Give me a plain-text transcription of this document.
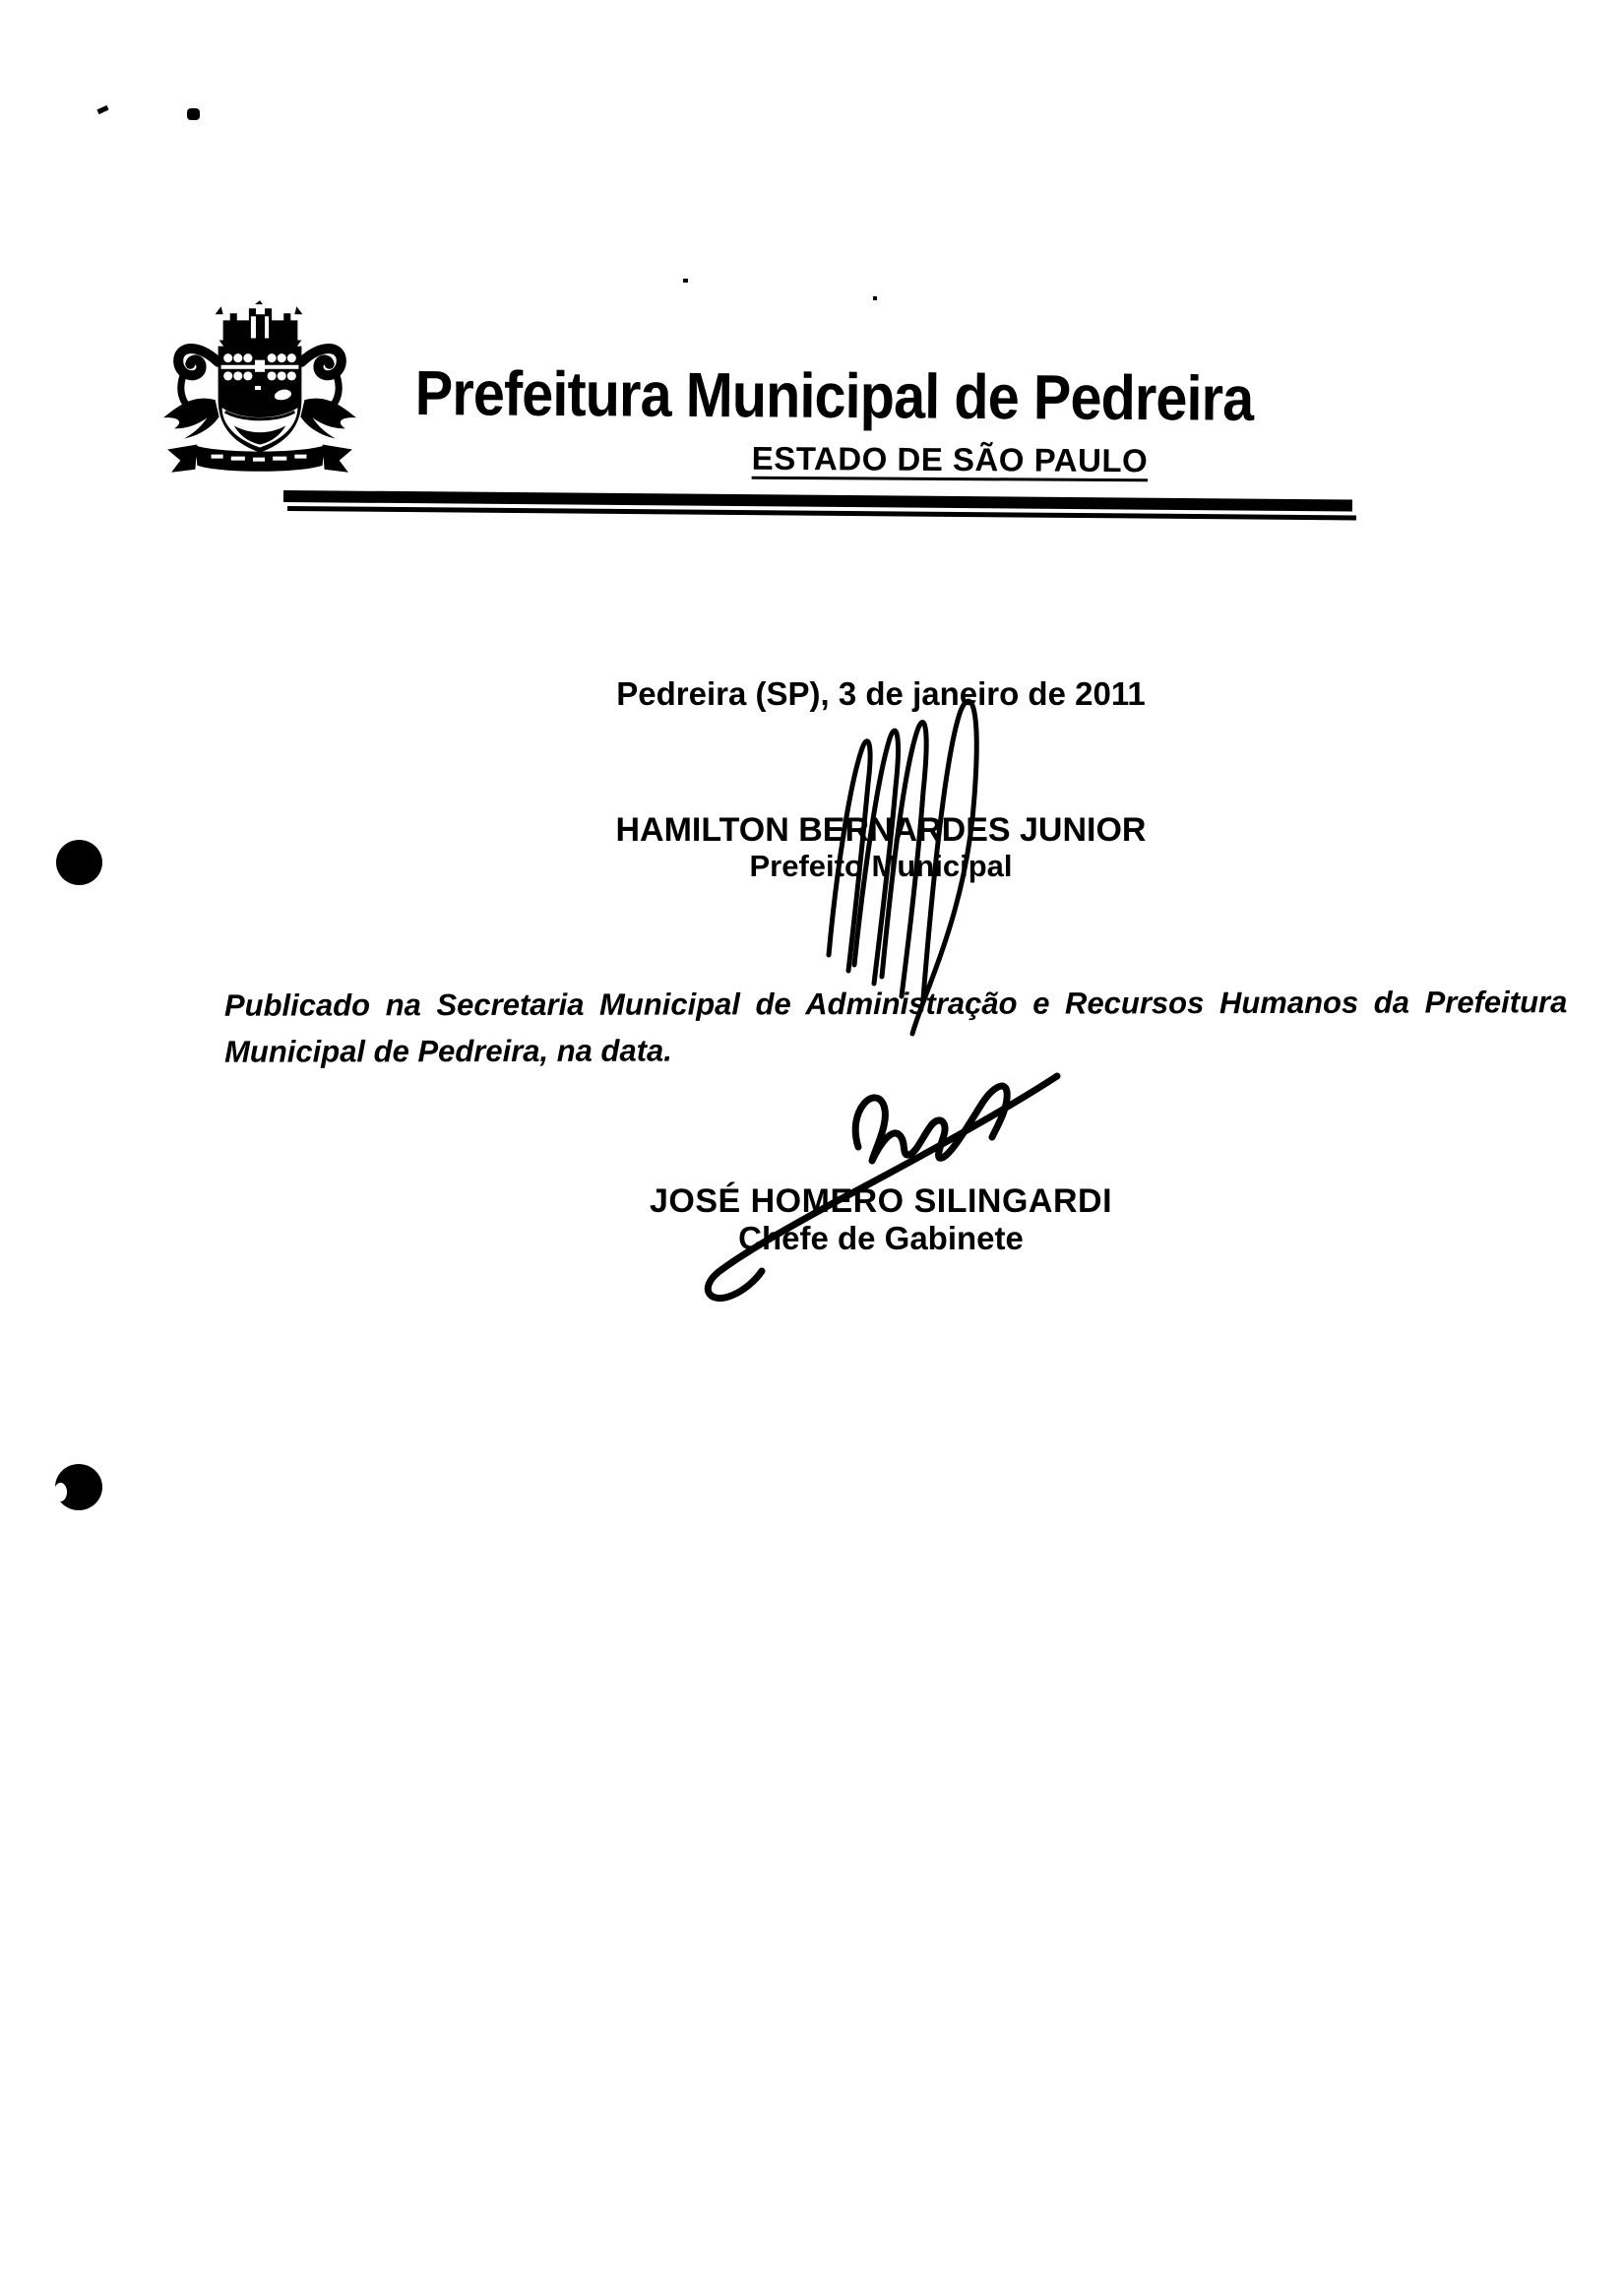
Prefeitura Municipal de Pedreira
ESTADO DE SÃO PAULO
Pedreira (SP), 3 de janeiro de 2011
HAMILTON BERNARDES JUNIOR
Prefeito Municipal
Publicado na Secretaria Municipal de Administração e Recursos Humanos da Prefeitura
Municipal de Pedreira, na data.
JOSÉ HOMERO SILINGARDI
Chefe de Gabinete
